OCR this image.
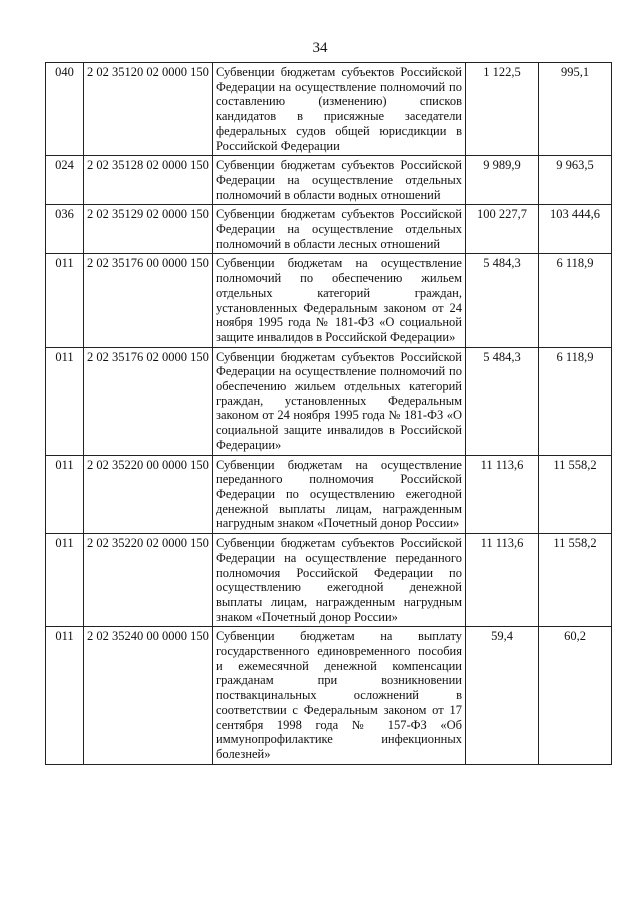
34
040	2 02 35120 02 0000 150	Субвенции бюджетам субъектов Российской Федерации на осуществление полномочий по составлению (изменению) списков кандидатов в присяжные заседатели федеральных судов общей юрисдикции в Российской Федерации	1 122,5	995,1
024	2 02 35128 02 0000 150	Субвенции бюджетам субъектов Российской Федерации на осуществление отдельных полномочий в области водных отношений	9 989,9	9 963,5
036	2 02 35129 02 0000 150	Субвенции бюджетам субъектов Российской Федерации на осуществление отдельных полномочий в области лесных отношений	100 227,7	103 444,6
011	2 02 35176 00 0000 150	Субвенции бюджетам на осуществление полномочий по обеспечению жильем отдельных категорий граждан, установленных Федеральным законом от 24 ноября 1995 года № 181-ФЗ «О социальной защите инвалидов в Российской Федерации»	5 484,3	6 118,9
011	2 02 35176 02 0000 150	Субвенции бюджетам субъектов Российской Федерации на осуществление полномочий по обеспечению жильем отдельных категорий граждан, установленных Федеральным законом от 24 ноября 1995 года № 181-ФЗ «О социальной защите инвалидов в Российской Федерации»	5 484,3	6 118,9
011	2 02 35220 00 0000 150	Субвенции бюджетам на осуществление переданного полномочия Российской Федерации по осуществлению ежегодной денежной выплаты лицам, награжденным нагрудным знаком «Почетный донор России»	11 113,6	11 558,2
011	2 02 35220 02 0000 150	Субвенции бюджетам субъектов Российской Федерации на осуществление переданного полномочия Российской Федерации по осуществлению ежегодной денежной выплаты лицам, награжденным нагрудным знаком «Почетный донор России»	11 113,6	11 558,2
011	2 02 35240 00 0000 150	Субвенции бюджетам на выплату государственного единовременного пособия и ежемесячной денежной компенсации гражданам при возникновении поствакцинальных осложнений в соответствии с Федеральным законом от 17 сентября 1998 года № 157-ФЗ «Об иммунопрофилактике инфекционных болезней»	59,4	60,2
